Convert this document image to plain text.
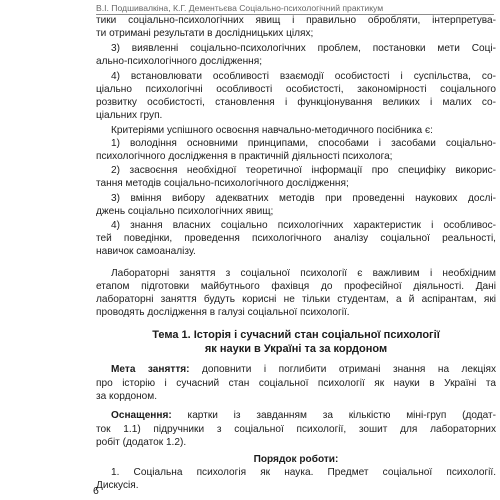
В.І. Подшивалкіна, К.Г. Дементьєва Соціально-психологічний практикум
тики соціально-психологічних явищ і правильно обробляти, інтерпретува-
ти отримані результати в дослідницьких цілях;
3) виявленні соціально-психологічних проблем, постановки мети Соці-
ально-психологічного дослідження;
4) встановлювати особливості взаємодії особистості і суспільства, со-
ціально психологічні особливості особистості, закономірності соціального
розвитку особистості, становлення і функціонування великих і малих со-
ціальних груп.
Критеріями успішного освоєння навчально-методичного посібника є:
1) володіння основними принципами, способами і засобами соціально-
психологічного дослідження в практичній діяльності психолога;
2) засвоєння необхідної теоретичної інформації про специфіку викорис-
тання методів соціально-психологічного дослідження;
3) вміння вибору адекватних методів при проведенні наукових дослі-
джень соціально психологічних явищ;
4) знання власних соціально психологічних характеристик і особливос-
тей поведінки, проведення психологічного аналізу соціальної реальності,
навичок самоаналізу.
Лабораторні заняття з соціальної психології є важливим і необхідним
етапом підготовки майбутнього фахівця до професійної діяльності. Дані
лабораторні заняття будуть корисні не тільки студентам, а й аспірантам, які
проводять дослідження в галузі соціальної психології.
Тема 1. Історія і сучасний стан соціальної психології
як науки в Україні та за кордоном
Мета заняття: доповнити і поглибити отримані знання на лекціях
про історію і сучасний стан соціальної психології як науки в Україні та
за кордоном.
Оснащення: картки із завданням за кількістю міні-груп (додат-
ток 1.1) підручники з соціальної психології, зошит для лабораторних
робіт (додаток 1.2).
Порядок роботи:
1. Соціальна психологія як наука. Предмет соціальної психології.
Дискусія.
6
